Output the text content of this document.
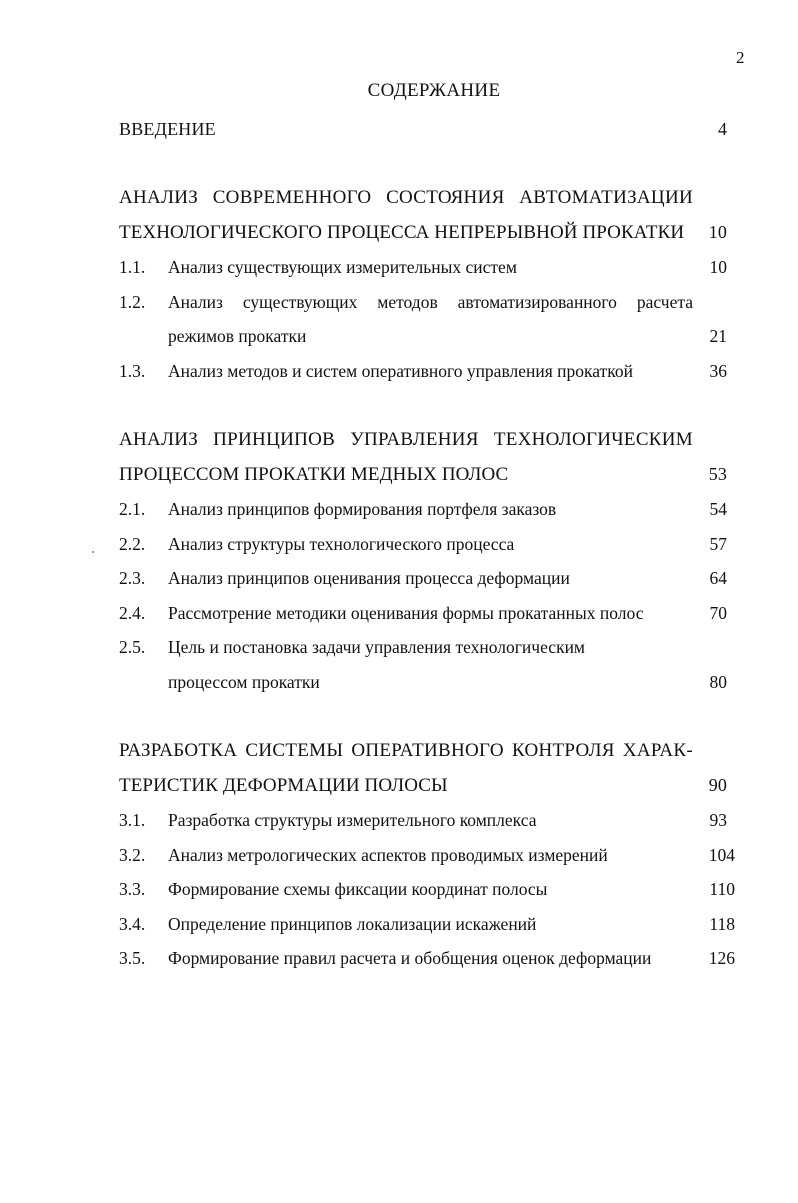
2
СОДЕРЖАНИЕ
ВВЕДЕНИЕ	4
АНАЛИЗ СОВРЕМЕННОГО СОСТОЯНИЯ АВТОМАТИЗАЦИИ
ТЕХНОЛОГИЧЕСКОГО ПРОЦЕССА НЕПРЕРЫВНОЙ ПРОКАТКИ 10
1.1. Анализ существующих измерительных систем	10
1.2. Анализ существующих методов автоматизированного расчета
режимов прокатки	21
1.3. Анализ методов и систем оперативного управления прокаткой	36
АНАЛИЗ ПРИНЦИПОВ УПРАВЛЕНИЯ ТЕХНОЛОГИЧЕСКИМ
ПРОЦЕССОМ ПРОКАТКИ МЕДНЫХ ПОЛОС	53
2.1. Анализ принципов формирования портфеля заказов	54
2.2. Анализ структуры технологического процесса	57
2.3. Анализ принципов оценивания процесса деформации	64
2.4. Рассмотрение методики оценивания формы прокатанных полос	70
2.5. Цель и постановка задачи управления технологическим
процессом прокатки	80
РАЗРАБОТКА СИСТЕМЫ ОПЕРАТИВНОГО КОНТРОЛЯ ХАРАК-
ТЕРИСТИК ДЕФОРМАЦИИ ПОЛОСЫ	90
3.1. Разработка структуры измерительного комплекса	93
3.2. Анализ метрологических аспектов проводимых измерений	104
3.3. Формирование схемы фиксации координат полосы	110
3.4. Определение принципов локализации искажений	118
3.5. Формирование правил расчета и обобщения оценок деформации	126
